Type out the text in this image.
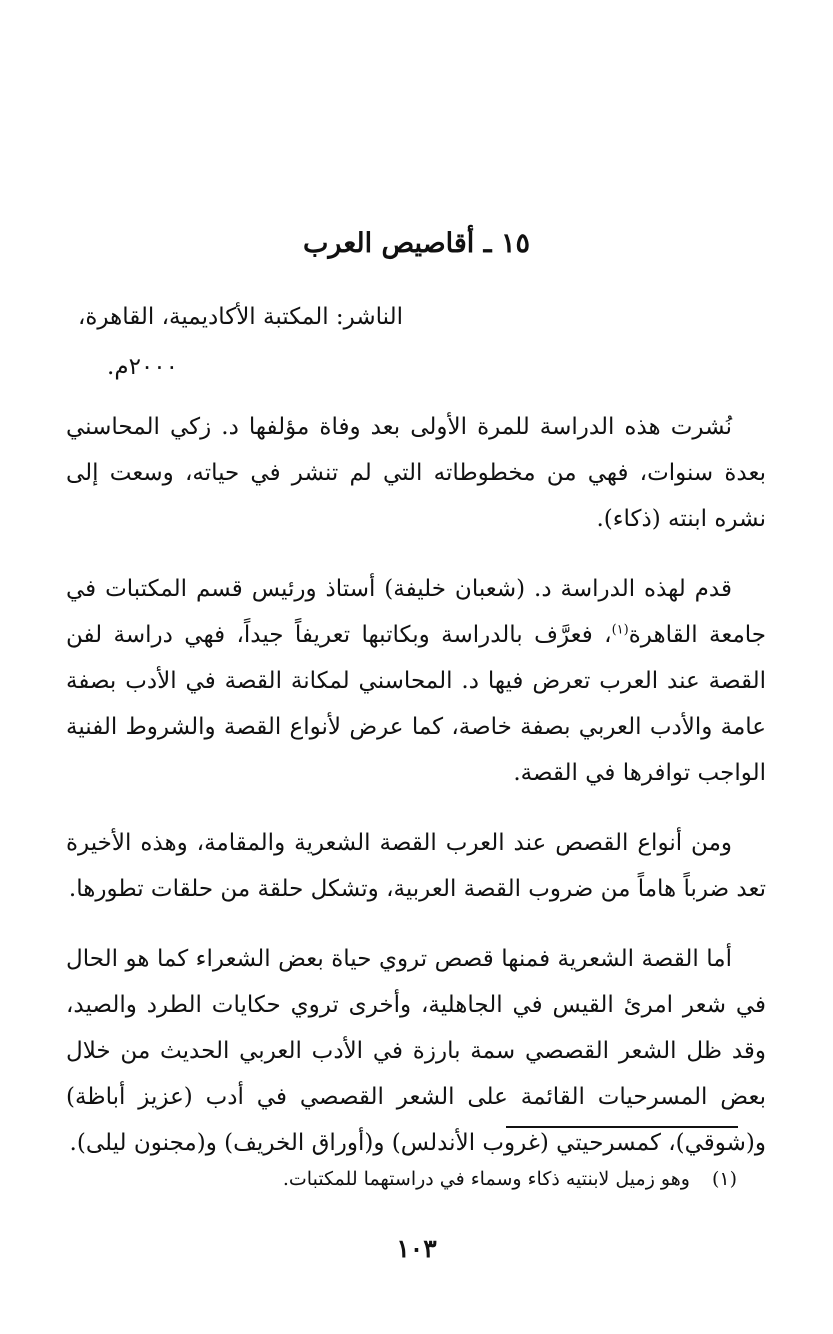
١٥ ـ أقاصيص العرب
الناشر: المكتبة الأكاديمية، القاهرة،
٢٠٠٠م.

نُشرت هذه الدراسة للمرة الأولى بعد وفاة مؤلفها د. زكي المحاسني بعدة سنوات، فهي من مخطوطاته التي لم تنشر في حياته، وسعت إلى نشره ابنته (ذكاء).

قدم لهذه الدراسة د. (شعبان خليفة) أستاذ ورئيس قسم المكتبات في جامعة القاهرة$^{(١)}$، فعرَّف بالدراسة وبكاتبها تعريفاً جيداً، فهي دراسة لفن القصة عند العرب تعرض فيها د. المحاسني لمكانة القصة في الأدب بصفة عامة والأدب العربي بصفة خاصة، كما عرض لأنواع القصة والشروط الفنية الواجب توافرها في القصة.

ومن أنواع القصص عند العرب القصة الشعرية والمقامة، وهذه الأخيرة تعد ضرباً هاماً من ضروب القصة العربية، وتشكل حلقة من حلقات تطورها.

أما القصة الشعرية فمنها قصص تروي حياة بعض الشعراء كما هو الحال في شعر امرئ القيس في الجاهلية، وأخرى تروي حكايات الطرد والصيد، وقد ظل الشعر القصصي سمة بارزة في الأدب العربي الحديث من خلال بعض المسرحيات القائمة على الشعر القصصي في أدب (عزيز أباظة) و(شوقي)، كمسرحيتي (غروب الأندلس) و(أوراق الخريف) و(مجنون ليلى).

(١)وهو زميل لابنتيه ذكاء وسماء في دراستهما للمكتبات.
١٠٣
